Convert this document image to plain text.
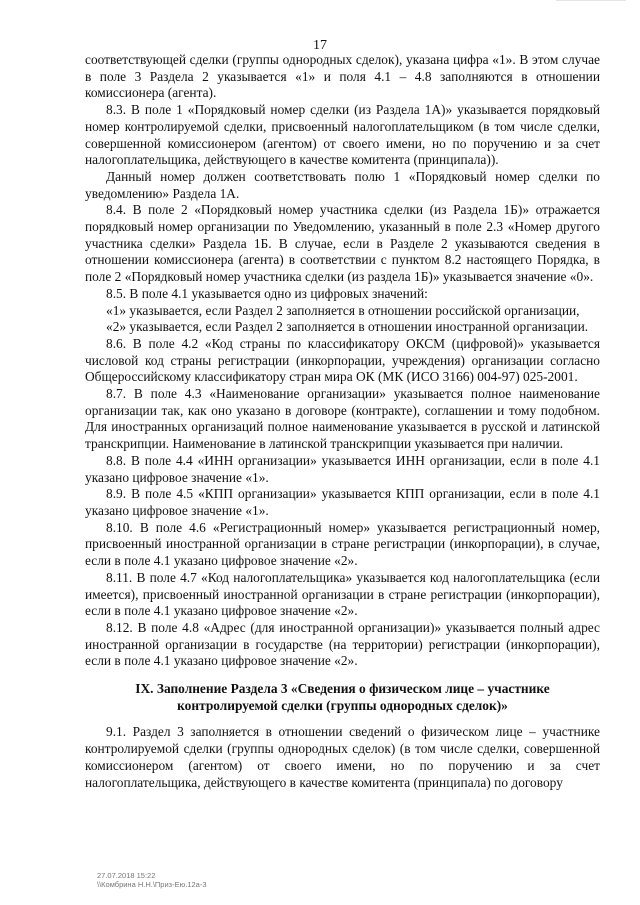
17

соответствующей сделки (группы однородных сделок), указана цифра «1». В этом случае в поле 3 Раздела 2 указывается «1» и поля 4.1 – 4.8 заполняются в отношении комиссионера (агента).

8.3. В поле 1 «Порядковый номер сделки (из Раздела 1А)» указывается порядковый номер контролируемой сделки, присвоенный налогоплательщиком (в том числе сделки, совершенной комиссионером (агентом) от своего имени, но по поручению и за счет налогоплательщика, действующего в качестве комитента (принципала)).

Данный номер должен соответствовать полю 1 «Порядковый номер сделки по уведомлению» Раздела 1А.

8.4. В поле 2 «Порядковый номер участника сделки (из Раздела 1Б)» отражается порядковый номер организации по Уведомлению, указанный в поле 2.3 «Номер другого участника сделки» Раздела 1Б. В случае, если в Разделе 2 указываются сведения в отношении комиссионера (агента) в соответствии с пунктом 8.2 настоящего Порядка, в поле 2 «Порядковый номер участника сделки (из раздела 1Б)» указывается значение «0».

8.5. В поле 4.1 указывается одно из цифровых значений:

«1» указывается, если Раздел 2 заполняется в отношении российской организации,

«2» указывается, если Раздел 2 заполняется в отношении иностранной организации.

8.6. В поле 4.2 «Код страны по классификатору ОКСМ (цифровой)» указывается числовой код страны регистрации (инкорпорации, учреждения) организации согласно Общероссийскому классификатору стран мира ОК (МК (ИСО 3166) 004-97) 025-2001.

8.7. В поле 4.3 «Наименование организации» указывается полное наименование организации так, как оно указано в договоре (контракте), соглашении и тому подобном. Для иностранных организаций полное наименование указывается в русской и латинской транскрипции. Наименование в латинской транскрипции указывается при наличии.

8.8. В поле 4.4 «ИНН организации» указывается ИНН организации, если в поле 4.1 указано цифровое значение «1».

8.9. В поле 4.5 «КПП организации» указывается КПП организации, если в поле 4.1 указано цифровое значение «1».

8.10. В поле 4.6 «Регистрационный номер» указывается регистрационный номер, присвоенный иностранной организации в стране регистрации (инкорпорации), в случае, если в поле 4.1 указано цифровое значение «2».

8.11. В поле 4.7 «Код налогоплательщика» указывается код налогоплательщика (если имеется), присвоенный иностранной организации в стране регистрации (инкорпорации), если в поле 4.1 указано цифровое значение «2».

8.12. В поле 4.8 «Адрес (для иностранной организации)» указывается полный адрес иностранной организации в государстве (на территории) регистрации (инкорпорации), если в поле 4.1 указано цифровое значение «2».

IX. Заполнение Раздела 3 «Сведения о физическом лице – участнике контролируемой сделки (группы однородных сделок)»

9.1. Раздел 3 заполняется в отношении сведений о физическом лице – участнике контролируемой сделки (группы однородных сделок) (в том числе сделки, совершенной комиссионером (агентом) от своего имени, но по поручению и за счет налогоплательщика, действующего в качестве комитента (принципала) по договору

27.07.2018 15:22
\\Комбрина Н.Н.\Приз-Ею.12а-3
